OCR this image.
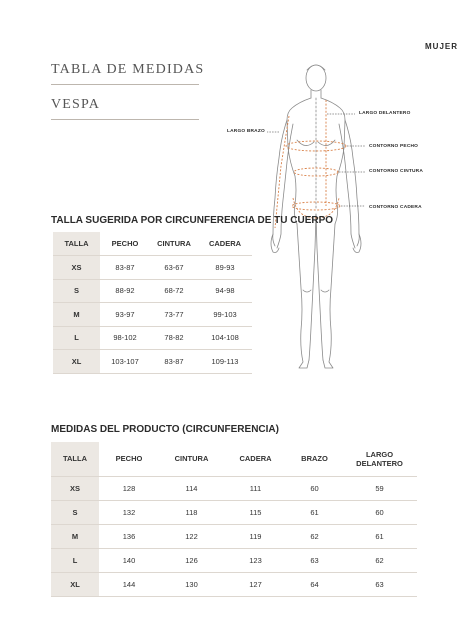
MUJER
TABLA DE MEDIDAS
VESPA
LARGO DELANTERO
LARGO BRAZO
CONTORNO PECHO
CONTORNO CINTURA
CONTORNO CADERA
TALLA SUGERIDA POR CIRCUNFERENCIA DE TU CUERPO
TALLA	PECHO	CINTURA	CADERA
XS	83-87	63-67	89-93
S	88-92	68-72	94-98
M	93-97	73-77	99-103
L	98-102	78-82	104-108
XL	103-107	83-87	109-113
MEDIDAS DEL PRODUCTO (CIRCUNFERENCIA)
TALLA	PECHO	CINTURA	CADERA	BRAZO	LARGO
DELANTERO
XS	128	114	111	60	59
S	132	118	115	61	60
M	136	122	119	62	61
L	140	126	123	63	62
XL	144	130	127	64	63
